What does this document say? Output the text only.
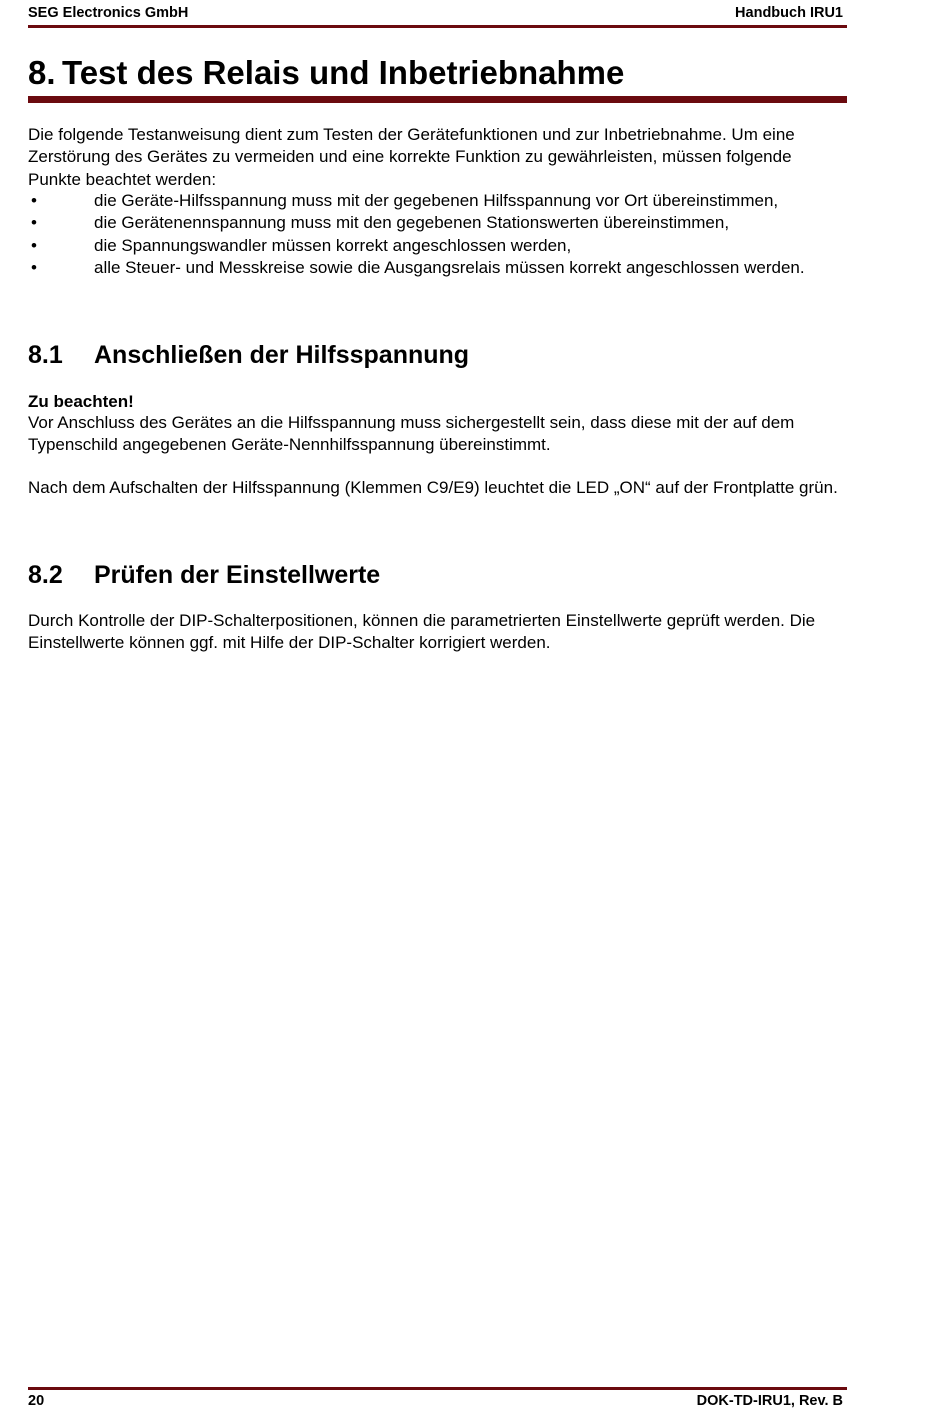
SEG Electronics GmbH	Handbuch IRU1
8. Test des Relais und Inbetriebnahme
Die folgende Testanweisung dient zum Testen der Gerätefunktionen und zur Inbetriebnahme. Um eine Zerstörung des Gerätes zu vermeiden und eine korrekte Funktion zu gewährleisten, müssen folgende Punkte beachtet werden:
•	die Geräte-Hilfsspannung muss mit der gegebenen Hilfsspannung vor Ort übereinstimmen,
•	die Gerätenennspannung muss mit den gegebenen Stationswerten übereinstimmen,
•	die Spannungswandler müssen korrekt angeschlossen werden,
•	alle Steuer- und Messkreise sowie die Ausgangsrelais müssen korrekt angeschlossen werden.
8.1 Anschließen der Hilfsspannung
Zu beachten!
Vor Anschluss des Gerätes an die Hilfsspannung muss sichergestellt sein, dass diese mit der auf dem Typenschild angegebenen Geräte-Nennhilfsspannung übereinstimmt.
Nach dem Aufschalten der Hilfsspannung (Klemmen C9/E9) leuchtet die LED „ON“ auf der Frontplatte grün.
8.2 Prüfen der Einstellwerte
Durch Kontrolle der DIP-Schalterpositionen, können die parametrierten Einstellwerte geprüft werden. Die Einstellwerte können ggf. mit Hilfe der DIP-Schalter korrigiert werden.
20	DOK-TD-IRU1, Rev. B
